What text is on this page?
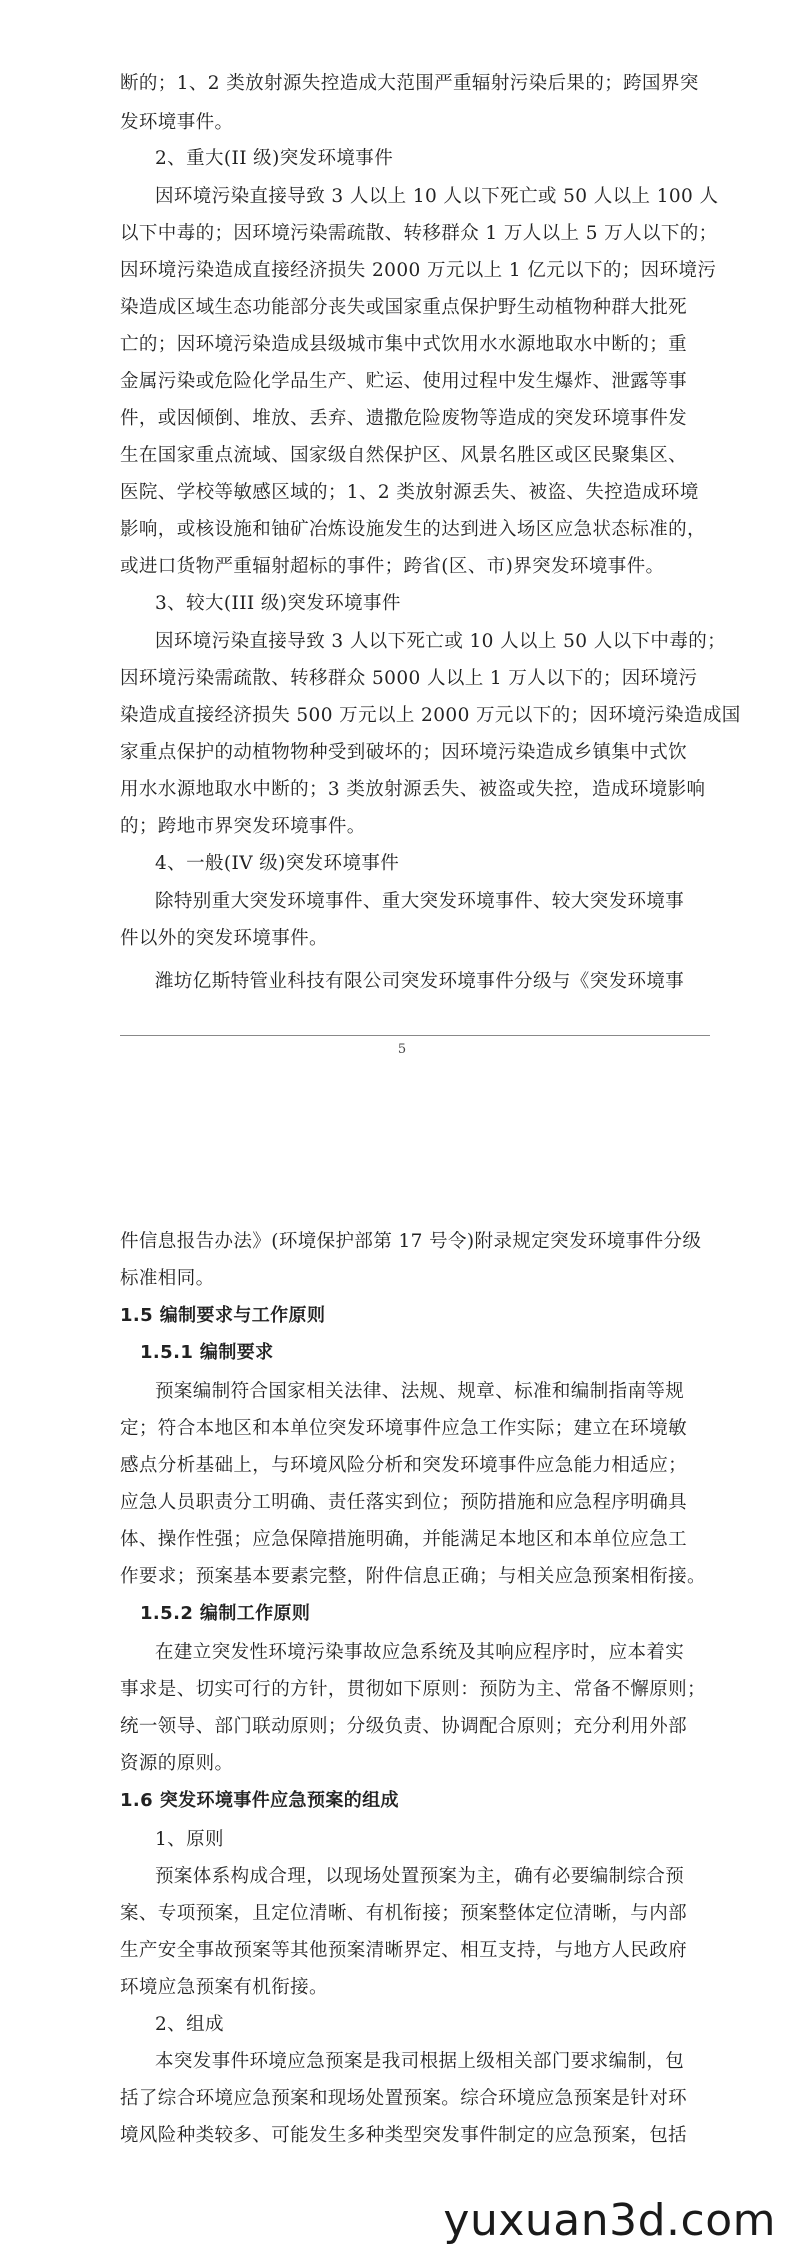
断的；1、2 类放射源失控造成大范围严重辐射污染后果的；跨国界突
发环境事件。
2、重大(II 级)突发环境事件
因环境污染直接导致 3 人以上 10 人以下死亡或 50 人以上 100 人
以下中毒的；因环境污染需疏散、转移群众 1 万人以上 5 万人以下的；
因环境污染造成直接经济损失 2000 万元以上 1 亿元以下的；因环境污
染造成区域生态功能部分丧失或国家重点保护野生动植物种群大批死
亡的；因环境污染造成县级城市集中式饮用水水源地取水中断的；重
金属污染或危险化学品生产、贮运、使用过程中发生爆炸、泄露等事
件，或因倾倒、堆放、丢弃、遗撒危险废物等造成的突发环境事件发
生在国家重点流域、国家级自然保护区、风景名胜区或区民聚集区、
医院、学校等敏感区域的；1、2 类放射源丢失、被盗、失控造成环境
影响，或核设施和铀矿冶炼设施发生的达到进入场区应急状态标准的，
或进口货物严重辐射超标的事件；跨省(区、市)界突发环境事件。
3、较大(III 级)突发环境事件
因环境污染直接导致 3 人以下死亡或 10 人以上 50 人以下中毒的；
因环境污染需疏散、转移群众 5000 人以上 1 万人以下的；因环境污
染造成直接经济损失 500 万元以上 2000 万元以下的；因环境污染造成国
家重点保护的动植物物种受到破坏的；因环境污染造成乡镇集中式饮
用水水源地取水中断的；3 类放射源丢失、被盗或失控，造成环境影响
的；跨地市界突发环境事件。
4、一般(IV 级)突发环境事件
除特别重大突发环境事件、重大突发环境事件、较大突发环境事
件以外的突发环境事件。
潍坊亿斯特管业科技有限公司突发环境事件分级与《突发环境事
件信息报告办法》(环境保护部第 17 号令)附录规定突发环境事件分级
标准相同。
1.5 编制要求与工作原则
1.5.1 编制要求
预案编制符合国家相关法律、法规、规章、标准和编制指南等规
定；符合本地区和本单位突发环境事件应急工作实际；建立在环境敏
感点分析基础上，与环境风险分析和突发环境事件应急能力相适应；
应急人员职责分工明确、责任落实到位；预防措施和应急程序明确具
体、操作性强；应急保障措施明确，并能满足本地区和本单位应急工
作要求；预案基本要素完整，附件信息正确；与相关应急预案相衔接。
1.5.2 编制工作原则
在建立突发性环境污染事故应急系统及其响应程序时，应本着实
事求是、切实可行的方针，贯彻如下原则：预防为主、常备不懈原则；
统一领导、部门联动原则；分级负责、协调配合原则；充分利用外部
资源的原则。
1.6 突发环境事件应急预案的组成
1、原则
预案体系构成合理，以现场处置预案为主，确有必要编制综合预
案、专项预案，且定位清晰、有机衔接；预案整体定位清晰，与内部
生产安全事故预案等其他预案清晰界定、相互支持，与地方人民政府
环境应急预案有机衔接。
2、组成
本突发事件环境应急预案是我司根据上级相关部门要求编制，包
括了综合环境应急预案和现场处置预案。综合环境应急预案是针对环
境风险种类较多、可能发生多种类型突发事件制定的应急预案，包括
5
yuxuan3d.com
